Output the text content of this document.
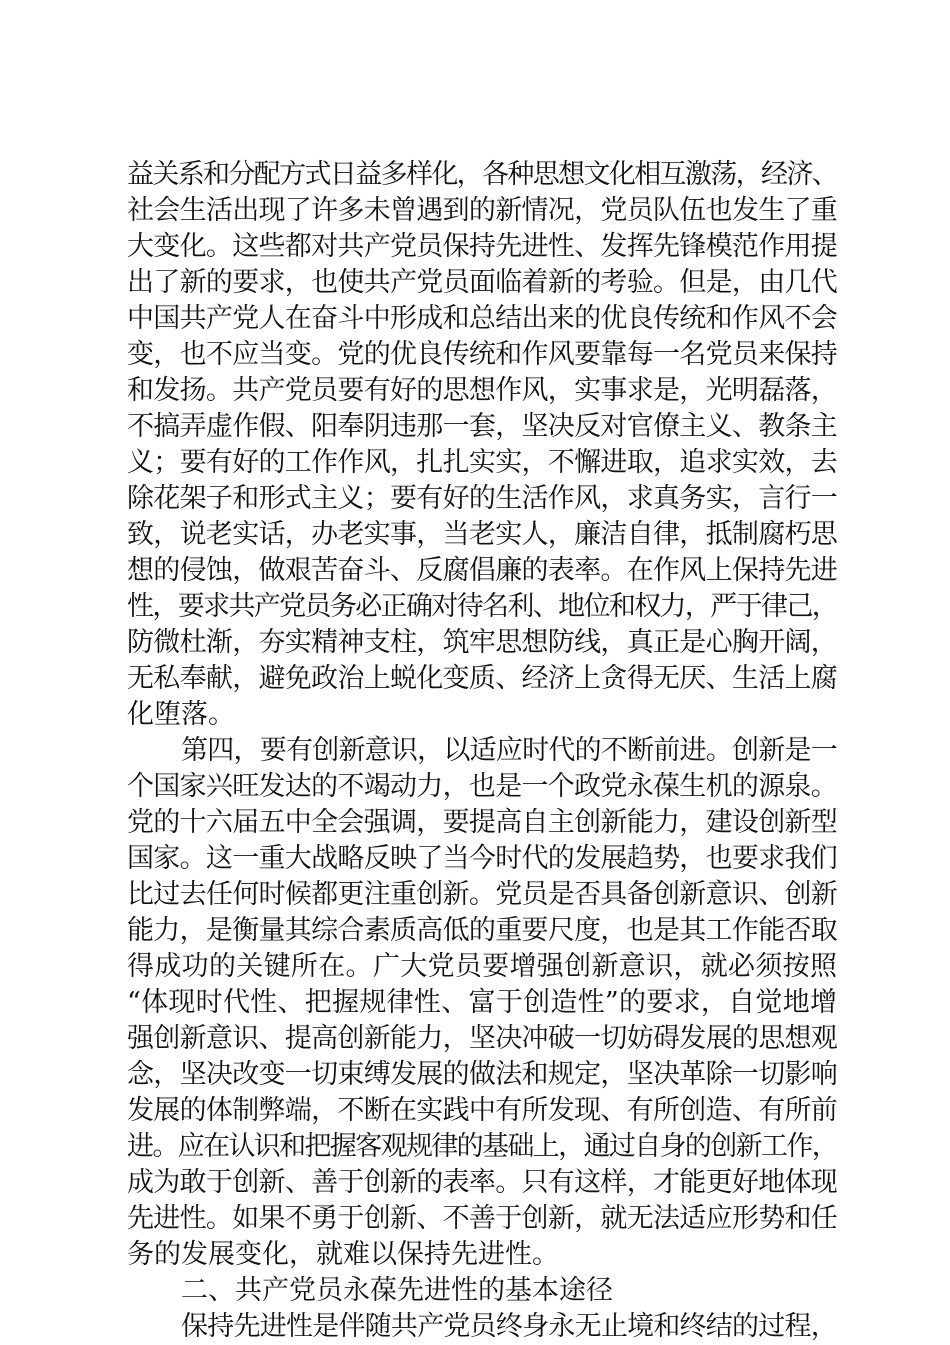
益关系和分配方式日益多样化，各种思想文化相互激荡，经济、
社会生活出现了许多未曾遇到的新情况，党员队伍也发生了重
大变化。这些都对共产党员保持先进性、发挥先锋模范作用提
出了新的要求，也使共产党员面临着新的考验。但是，由几代
中国共产党人在奋斗中形成和总结出来的优良传统和作风不会
变，也不应当变。党的优良传统和作风要靠每一名党员来保持
和发扬。共产党员要有好的思想作风，实事求是，光明磊落，
不搞弄虚作假、阳奉阴违那一套，坚决反对官僚主义、教条主
义；要有好的工作作风，扎扎实实，不懈进取，追求实效，去
除花架子和形式主义；要有好的生活作风，求真务实，言行一
致，说老实话，办老实事，当老实人，廉洁自律，抵制腐朽思
想的侵蚀，做艰苦奋斗、反腐倡廉的表率。在作风上保持先进
性，要求共产党员务必正确对待名利、地位和权力，严于律己，
防微杜渐，夯实精神支柱，筑牢思想防线，真正是心胸开阔，
无私奉献，避免政治上蜕化变质、经济上贪得无厌、生活上腐
化堕落。
第四，要有创新意识，以适应时代的不断前进。创新是一
个国家兴旺发达的不竭动力，也是一个政党永葆生机的源泉。
党的十六届五中全会强调，要提高自主创新能力，建设创新型
国家。这一重大战略反映了当今时代的发展趋势，也要求我们
比过去任何时候都更注重创新。党员是否具备创新意识、创新
能力，是衡量其综合素质高低的重要尺度，也是其工作能否取
得成功的关键所在。广大党员要增强创新意识，就必须按照
“体现时代性、把握规律性、富于创造性”的要求，自觉地增
强创新意识、提高创新能力，坚决冲破一切妨碍发展的思想观
念，坚决改变一切束缚发展的做法和规定，坚决革除一切影响
发展的体制弊端，不断在实践中有所发现、有所创造、有所前
进。应在认识和把握客观规律的基础上，通过自身的创新工作，
成为敢于创新、善于创新的表率。只有这样，才能更好地体现
先进性。如果不勇于创新、不善于创新，就无法适应形势和任
务的发展变化，就难以保持先进性。
二、共产党员永葆先进性的基本途径
保持先进性是伴随共产党员终身永无止境和终结的过程，
